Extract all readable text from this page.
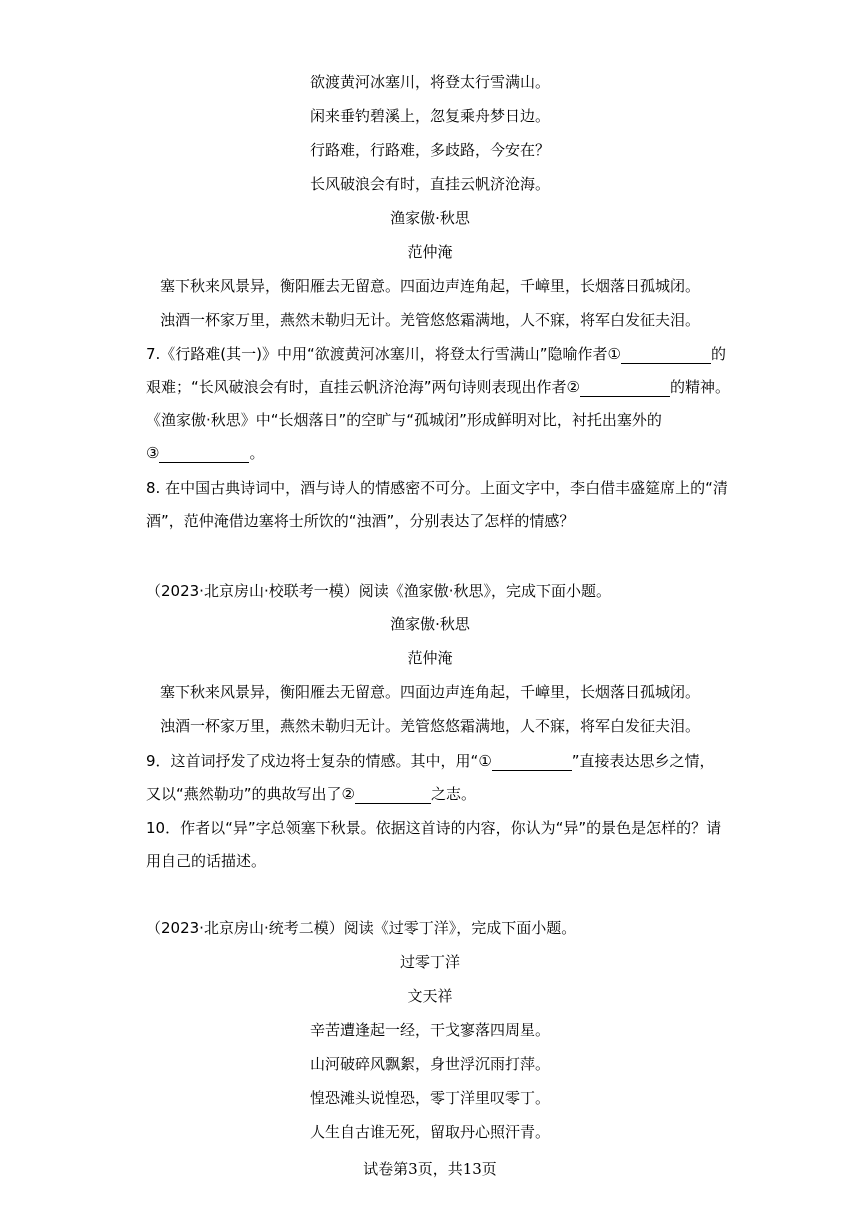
欲渡黄河冰塞川，将登太行雪满山。
闲来垂钓碧溪上，忽复乘舟梦日边。
行路难，行路难，多歧路，今安在？
长风破浪会有时，直挂云帆济沧海。
渔家傲·秋思
范仲淹
塞下秋来风景异，衡阳雁去无留意。四面边声连角起，千嶂里，长烟落日孤城闭。
浊酒一杯家万里，燕然未勒归无计。羌管悠悠霜满地，人不寐，将军白发征夫泪。
7.《行路难(其一)》中用“欲渡黄河冰塞川，将登太行雪满山”隐喻作者①	的
艰难；“长风破浪会有时，直挂云帆济沧海”两句诗则表现出作者②	的精神。
《渔家傲·秋思》中“长烟落日”的空旷与“孤城闭”形成鲜明对比，衬托出塞外的
③	。
8. 在中国古典诗词中，酒与诗人的情感密不可分。上面文字中，李白借丰盛筵席上的“清
酒”，范仲淹借边塞将士所饮的“浊酒”，分别表达了怎样的情感？
（2023·北京房山·校联考一模）阅读《渔家傲·秋思》，完成下面小题。
渔家傲·秋思
范仲淹
塞下秋来风景异，衡阳雁去无留意。四面边声连角起，千嶂里，长烟落日孤城闭。
浊酒一杯家万里，燕然未勒归无计。羌管悠悠霜满地，人不寐，将军白发征夫泪。
9．这首词抒发了戍边将士复杂的情感。其中，用“①	”直接表达思乡之情，
又以“燕然勒功”的典故写出了②	之志。
10．作者以“异”字总领塞下秋景。依据这首诗的内容，你认为“异”的景色是怎样的？请
用自己的话描述。
（2023·北京房山·统考二模）阅读《过零丁洋》，完成下面小题。
过零丁洋
文天祥
辛苦遭逢起一经，干戈寥落四周星。
山河破碎风飘絮，身世浮沉雨打萍。
惶恐滩头说惶恐，零丁洋里叹零丁。
人生自古谁无死，留取丹心照汗青。
试卷第3页，共13页
